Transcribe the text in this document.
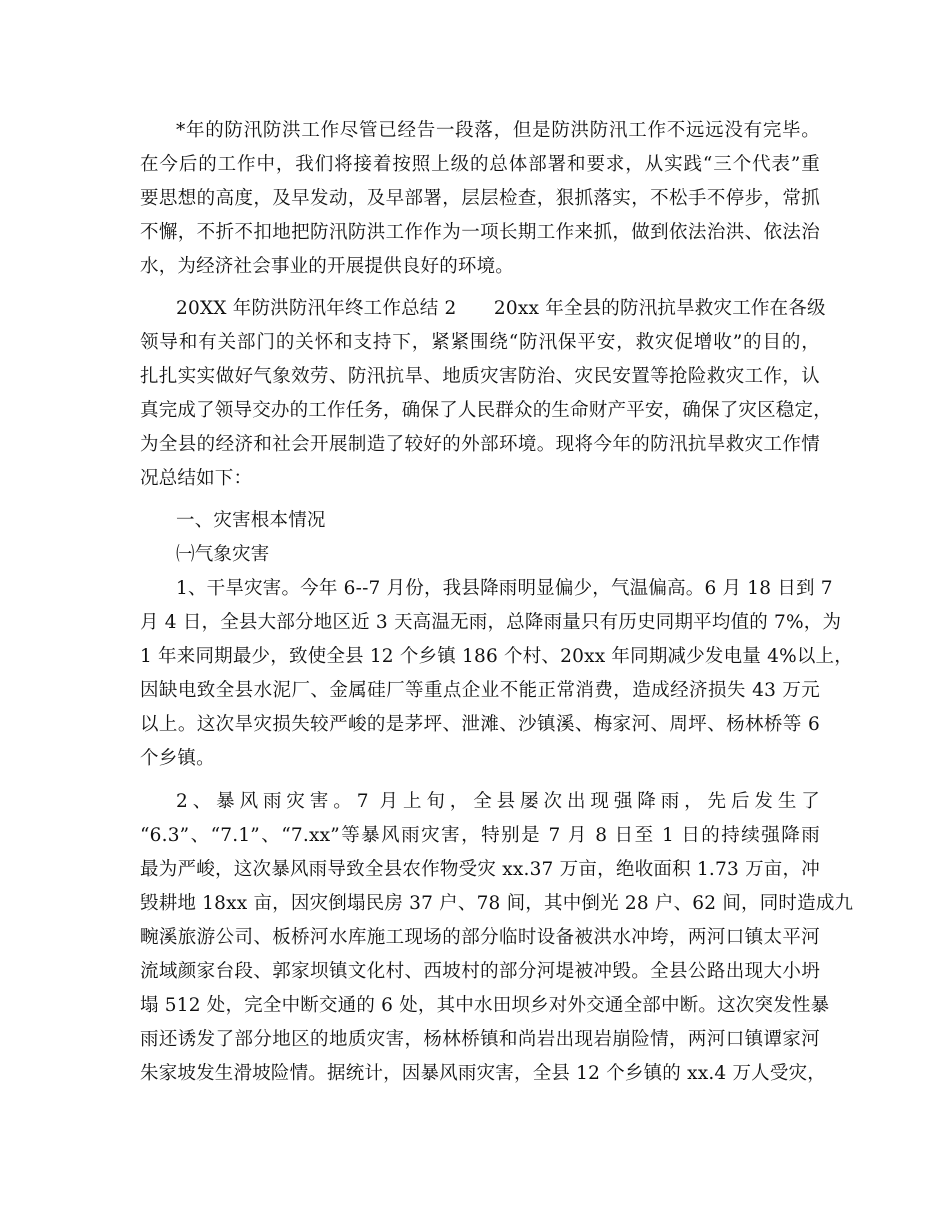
*年的防汛防洪工作尽管已经告一段落，但是防洪防汛工作不远远没有完毕。
在今后的工作中，我们将接着按照上级的总体部署和要求，从实践“三个代表”重
要思想的高度，及早发动，及早部署，层层检查，狠抓落实，不松手不停步，常抓
不懈，不折不扣地把防汛防洪工作作为一项长期工作来抓，做到依法治洪、依法治
水，为经济社会事业的开展提供良好的环境。
20XX 年防洪防汛年终工作总结 2　　20xx 年全县的防汛抗旱救灾工作在各级
领导和有关部门的关怀和支持下，紧紧围绕“防汛保平安，救灾促增收”的目的，
扎扎实实做好气象效劳、防汛抗旱、地质灾害防治、灾民安置等抢险救灾工作，认
真完成了领导交办的工作任务，确保了人民群众的生命财产平安，确保了灾区稳定，
为全县的经济和社会开展制造了较好的外部环境。现将今年的防汛抗旱救灾工作情
况总结如下：
一、灾害根本情况
㈠气象灾害
1、干旱灾害。今年 6--7 月份，我县降雨明显偏少，气温偏高。6 月 18 日到 7
月 4 日，全县大部分地区近 3 天高温无雨，总降雨量只有历史同期平均值的 7%，为
1 年来同期最少，致使全县 12 个乡镇 186 个村、20xx 年同期减少发电量 4%以上，
因缺电致全县水泥厂、金属硅厂等重点企业不能正常消费，造成经济损失 43 万元
以上。这次旱灾损失较严峻的是茅坪、泄滩、沙镇溪、梅家河、周坪、杨林桥等 6
个乡镇。
2、暴风雨灾害。7 月上旬，全县屡次出现强降雨，先后发生了
“6.3”、“7.1”、“7.xx”等暴风雨灾害，特别是 7 月 8 日至 1 日的持续强降雨
最为严峻，这次暴风雨导致全县农作物受灾 xx.37 万亩，绝收面积 1.73 万亩，冲
毁耕地 18xx 亩，因灾倒塌民房 37 户、78 间，其中倒光 28 户、62 间，同时造成九
畹溪旅游公司、板桥河水库施工现场的部分临时设备被洪水冲垮，两河口镇太平河
流域颜家台段、郭家坝镇文化村、西坡村的部分河堤被冲毁。全县公路出现大小坍
塌 512 处，完全中断交通的 6 处，其中水田坝乡对外交通全部中断。这次突发性暴
雨还诱发了部分地区的地质灾害，杨林桥镇和尚岩出现岩崩险情，两河口镇谭家河
朱家坡发生滑坡险情。据统计，因暴风雨灾害，全县 12 个乡镇的 xx.4 万人受灾，
